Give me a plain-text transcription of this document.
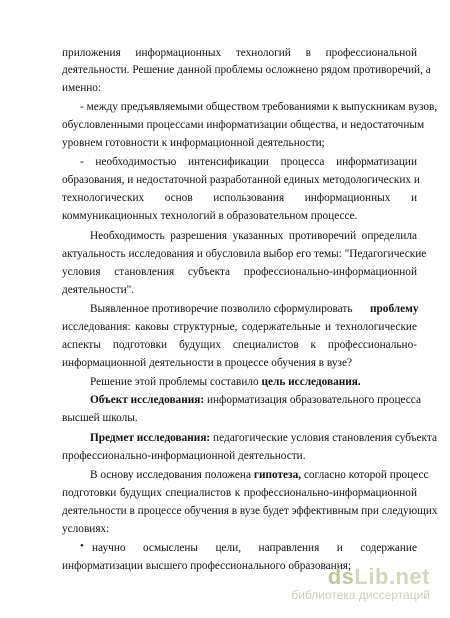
приложения информационных технологий в профессиональной
деятельности. Решение данной проблемы осложнено рядом противоречий, а
именно:
- между предъявляемыми обществом требованиями к выпускникам вузов,
обусловленными процессами информатизации общества, и недостаточным
уровнем готовности к информационной деятельности;
- необходимостью интенсификации процесса информатизации
образования, и недостаточной разработанной единых методологических и
технологических основ использования информационных и
коммуникационных технологий в образовательном процессе.
Необходимость разрешения указанных противоречий определила
актуальность исследования и обусловила выбор его темы: "Педагогические
условия становления субъекта профессионально-информационной
деятельности".
Выявленное противоречие позволило сформулировать проблему
исследования: каковы структурные, содержательные и технологические
аспекты подготовки будущих специалистов к профессионально-
информационной деятельности в процессе обучения в вузе?
Решение этой проблемы составило цель исследования.
Объект исследования: информатизация образовательного процесса
высшей школы.
Предмет исследования: педагогические условия становления субъекта
профессионально-информационной деятельности.
В основу исследования положена гипотеза, согласно которой процесс
подготовки будущих специалистов к профессионально-информационной
деятельности в процессе обучения в вузе будет эффективным при следующих
условиях:
• научно осмыслены цели, направления и содержание
информатизации высшего профессионального образования;
dsLib.net
библиотека диссертаций
